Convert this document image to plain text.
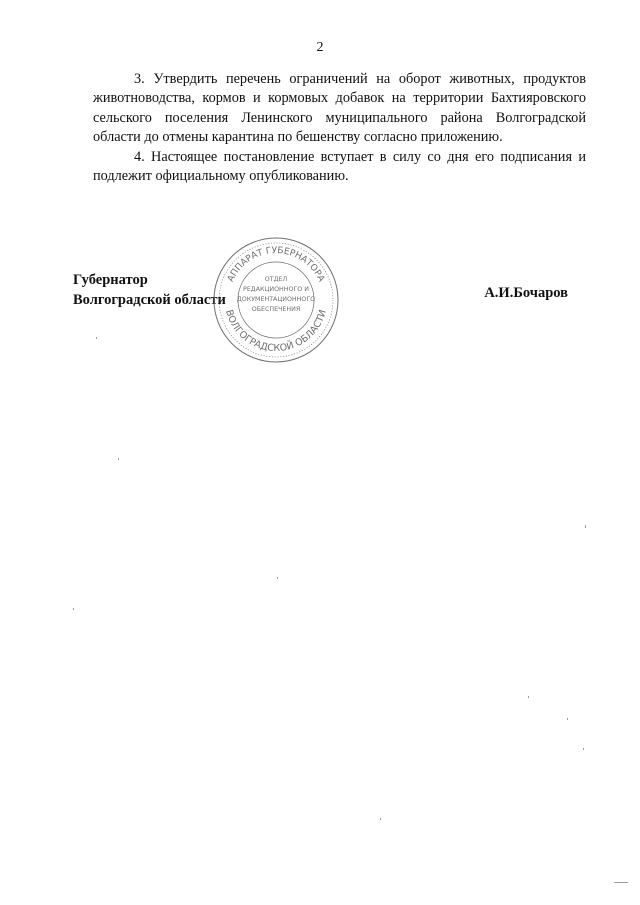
2

3. Утвердить перечень ограничений на оборот животных, продуктов животноводства, кормов и кормовых добавок на территории Бахтияровского сельского поселения Ленинского муниципального района Волгоградской области до отмены карантина по бешенству согласно приложению.

4. Настоящее постановление вступает в силу со дня его подписания и подлежит официальному опубликованию.

Губернатор
Волгоградской области
АППАРАТ ГУБЕРНАТОРА
ВОЛГОГРАДСКОЙ ОБЛАСТИ
ОТДЕЛ
РЕДАКЦИОННОГО И
ДОКУМЕНТАЦИОННОГО
ОБЕСПЕЧЕНИЯ
А.И.Бочаров
